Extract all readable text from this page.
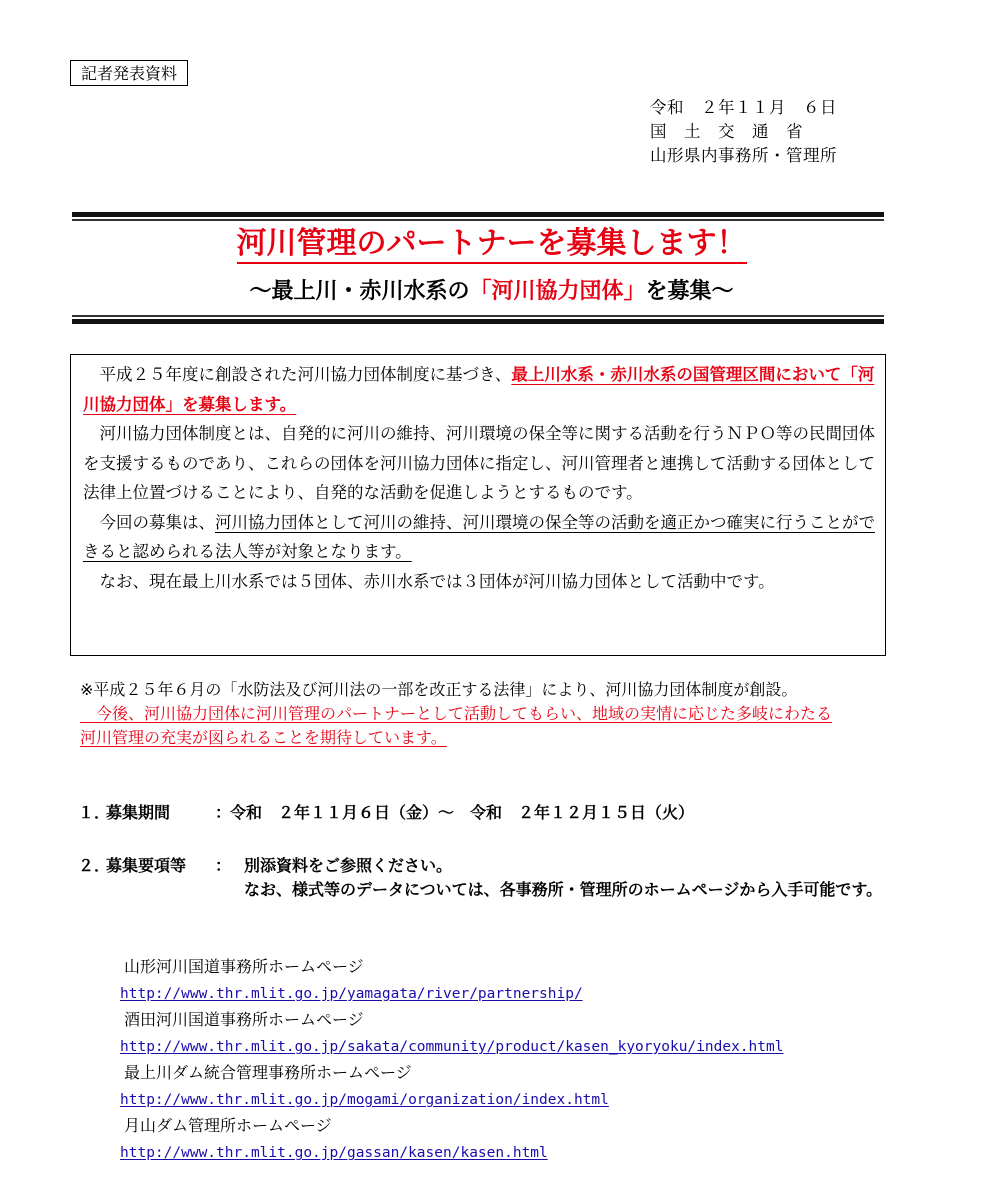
記者発表資料
令和　２年１１月　６日
国　土　交　通　省
山形県内事務所・管理所
河川管理のパートナーを募集します！
～最上川・赤川水系の「河川協力団体」を募集～

　平成２５年度に創設された河川協力団体制度に基づき、最上川水系・赤川水系の国管理区間において「河川協力団体」を募集します。

　河川協力団体制度とは、自発的に河川の維持、河川環境の保全等に関する活動を行うＮＰＯ等の民間団体を支援するものであり、これらの団体を河川協力団体に指定し、河川管理者と連携して活動する団体として法律上位置づけることにより、自発的な活動を促進しようとするものです。

　今回の募集は、河川協力団体として河川の維持、河川環境の保全等の活動を適正かつ確実に行うことができると認められる法人等が対象となります。

　なお、現在最上川水系では５団体、赤川水系では３団体が河川協力団体として活動中です。

※平成２５年６月の「水防法及び河川法の一部を改正する法律」により、河川協力団体制度が創設。

　今後、河川協力団体に河川管理のパートナーとして活動してもらい、地域の実情に応じた多岐にわたる

河川管理の充実が図られることを期待しています。

１．募集期間	： 令和　２年１１月６日（金）～　令和　２年１２月１５日（火）
２．募集要項等 ： 別添資料をご参照ください。
なお、様式等のデータについては、各事務所・管理所のホームページから入手可能です。
山形河川国道事務所ホームページ
http://www.thr.mlit.go.jp/yamagata/river/partnership/
酒田河川国道事務所ホームページ
http://www.thr.mlit.go.jp/sakata/community/product/kasen_kyoryoku/index.html
最上川ダム統合管理事務所ホームページ
http://www.thr.mlit.go.jp/mogami/organization/index.html
月山ダム管理所ホームページ
http://www.thr.mlit.go.jp/gassan/kasen/kasen.html
